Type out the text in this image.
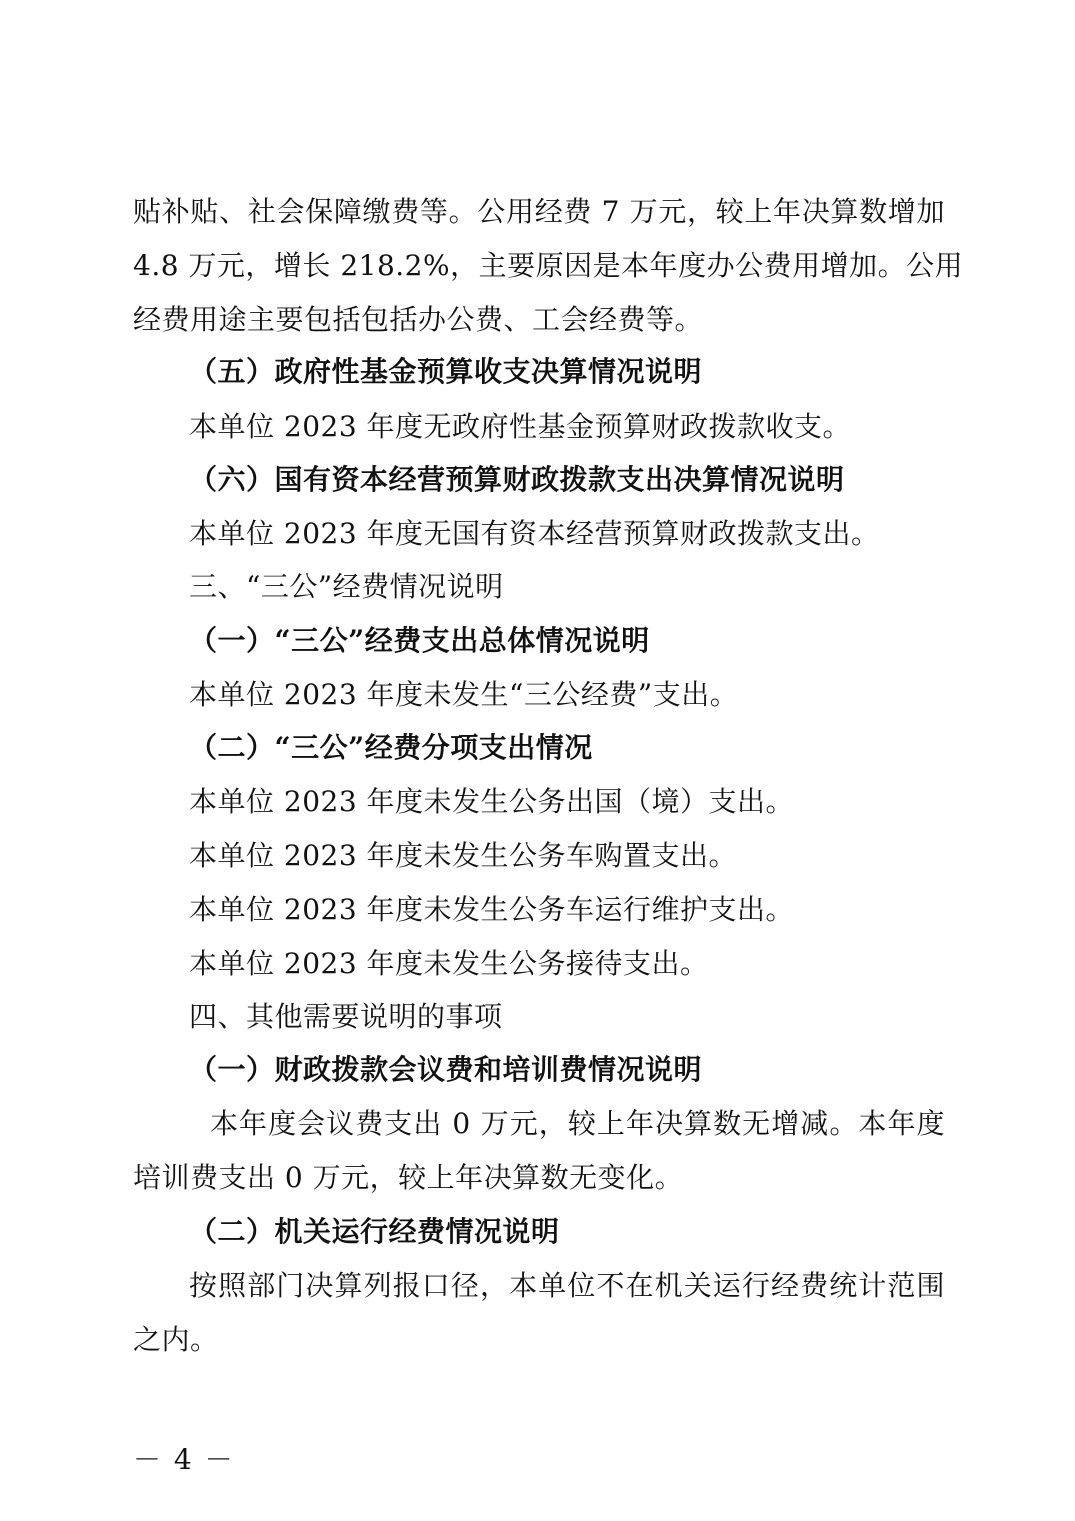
贴补贴、社会保障缴费等。公用经费 7 万元，较上年决算数增加
4.8 万元，增长 218.2%，主要原因是本年度办公费用增加。公用
经费用途主要包括包括办公费、工会经费等。
（五）政府性基金预算收支决算情况说明
本单位 2023 年度无政府性基金预算财政拨款收支。
（六）国有资本经营预算财政拨款支出决算情况说明
本单位 2023 年度无国有资本经营预算财政拨款支出。
三、“三公”经费情况说明
（一）“三公”经费支出总体情况说明
本单位 2023 年度未发生“三公经费”支出。
（二）“三公”经费分项支出情况
本单位 2023 年度未发生公务出国（境）支出。
本单位 2023 年度未发生公务车购置支出。
本单位 2023 年度未发生公务车运行维护支出。
本单位 2023 年度未发生公务接待支出。
四、其他需要说明的事项
（一）财政拨款会议费和培训费情况说明
本年度会议费支出 0 万元，较上年决算数无增减。本年度
培训费支出 0 万元，较上年决算数无变化。
（二）机关运行经费情况说明
按照部门决算列报口径，本单位不在机关运行经费统计范围
之内。
－ 4 －
